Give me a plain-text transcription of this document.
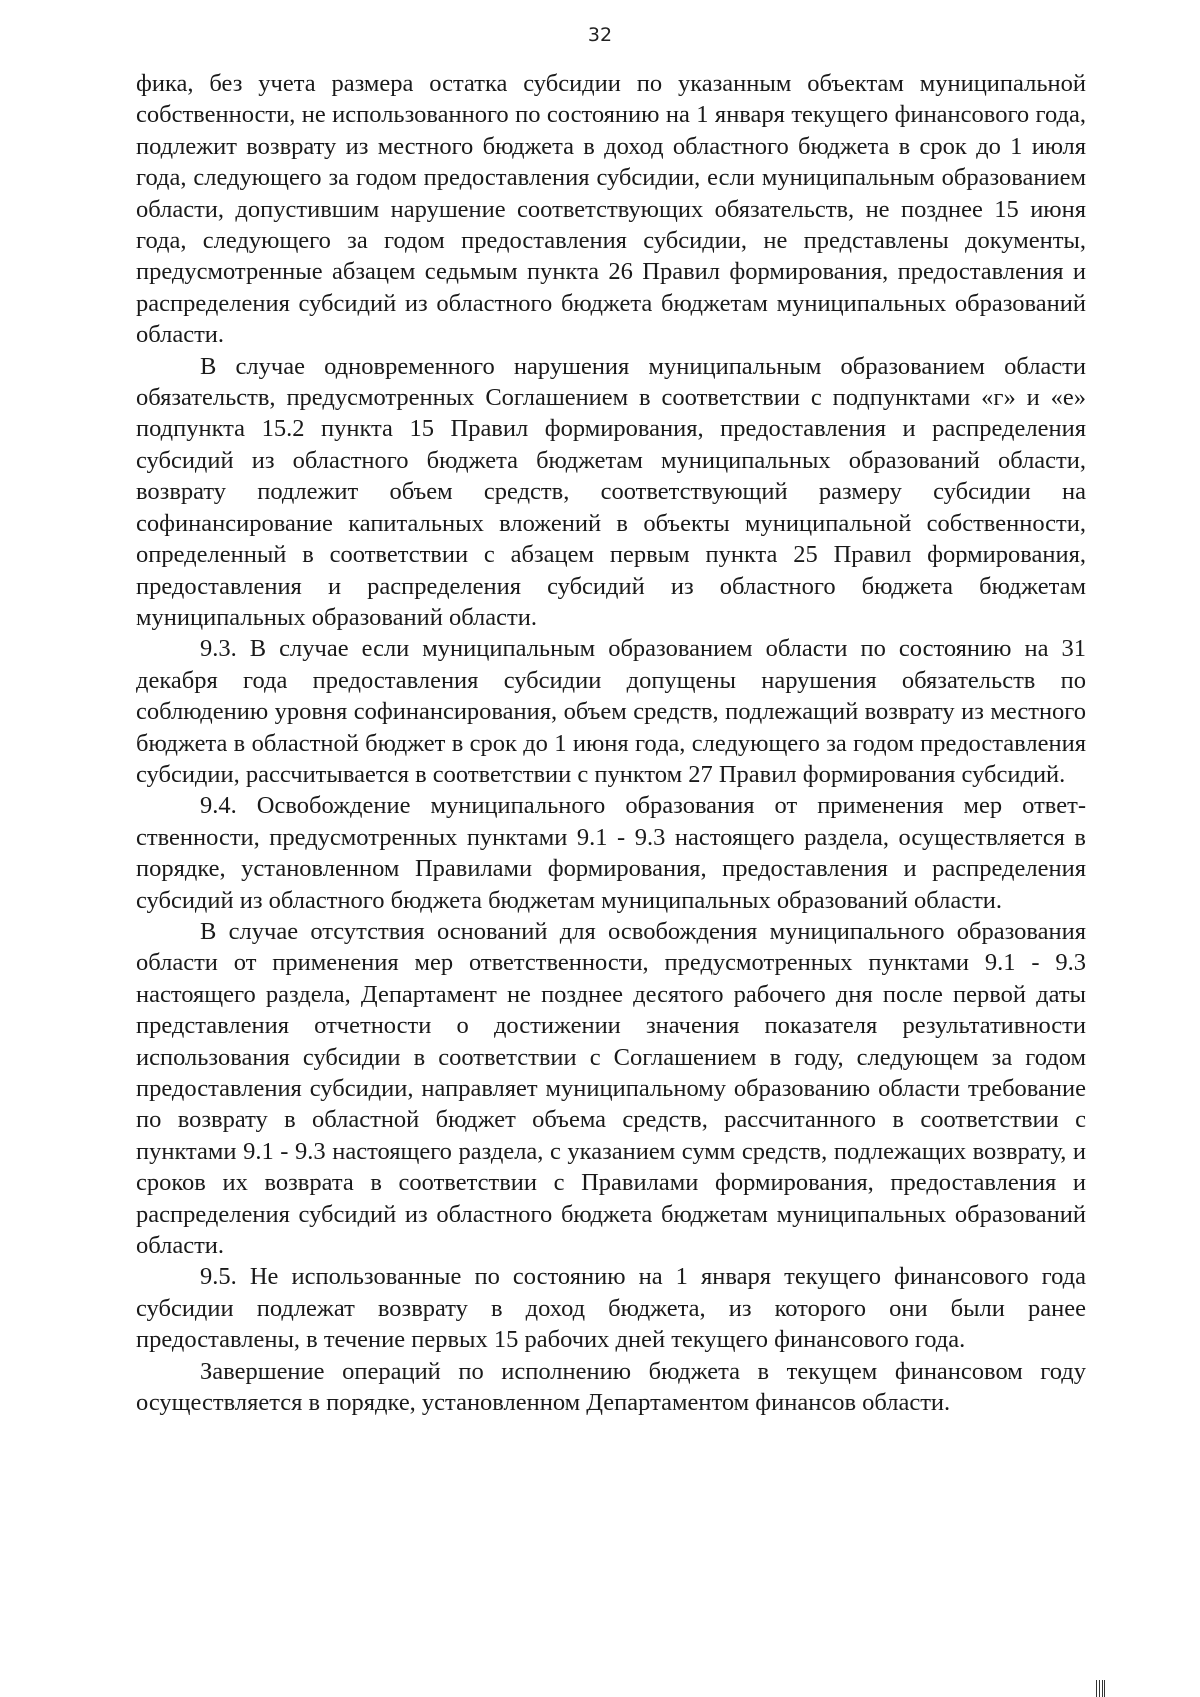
32

фика, без учета размера остатка субсидии по указанным объектам муниципальной собственности, не использованного по состоянию на 1 января текущего финансового года, подлежит возврату из местного бюджета в доход областного бюджета в срок до 1 июля года, следующего за годом предоставления субсидии, если муниципальным образованием области, допустившим нарушение соответствующих обязательств, не позднее 15 июня года, следующего за годом предоставления субсидии, не представлены документы, предусмотренные абзацем седьмым пункта 26 Правил формирования, предоставления и распределения субсидий из областного бюджета бюджетам муниципальных образований области.

В случае одновременного нарушения муниципальным образованием области обязательств, предусмотренных Соглашением в соответствии с подпунктами «г» и «е» подпункта 15.2 пункта 15 Правил формирования, предоставления и распределения субсидий из областного бюджета бюджетам муниципальных образований области, возврату подлежит объем средств, соответствующий размеру субсидии на софинансирование капитальных вложений в объекты муниципальной собственности, определенный в соответствии с абзацем первым пункта 25 Правил формирования, предоставления и распределения субсидий из областного бюджета бюджетам муниципальных образований области.

9.3. В случае если муниципальным образованием области по состоянию на 31 декабря года предоставления субсидии допущены нарушения обязательств по соблюдению уровня софинансирования, объем средств, подлежащий возврату из местного бюджета в областной бюджет в срок до 1 июня года, следующего за годом предоставления субсидии, рассчитывается в соответствии с пунктом 27 Правил формирования субсидий.

9.4. Освобождение муниципального образования от применения мер ответственности, предусмотренных пунктами 9.1 - 9.3 настоящего раздела, осуществляется в порядке, установленном Правилами формирования, предоставления и распределения субсидий из областного бюджета бюджетам муниципальных образований области.

В случае отсутствия оснований для освобождения муниципального образования области от применения мер ответственности, предусмотренных пунктами 9.1 - 9.3 настоящего раздела, Департамент не позднее десятого рабочего дня после первой даты представления отчетности о достижении значения показателя результативности использования субсидии в соответствии с Соглашением в году, следующем за годом предоставления субсидии, направляет муниципальному образованию области требование по возврату в областной бюджет объема средств, рассчитанного в соответствии с пунктами 9.1 - 9.3 настоящего раздела, с указанием сумм средств, подлежащих возврату, и сроков их возврата в соответствии с Правилами формирования, предоставления и распределения субсидий из областного бюджета бюджетам муниципальных образований области.

9.5. Не использованные по состоянию на 1 января текущего финансового года субсидии подлежат возврату в доход бюджета, из которого они были ранее предоставлены, в течение первых 15 рабочих дней текущего финансового года.

Завершение операций по исполнению бюджета в текущем финансовом году осуществляется в порядке, установленном Департаментом финансов области.
